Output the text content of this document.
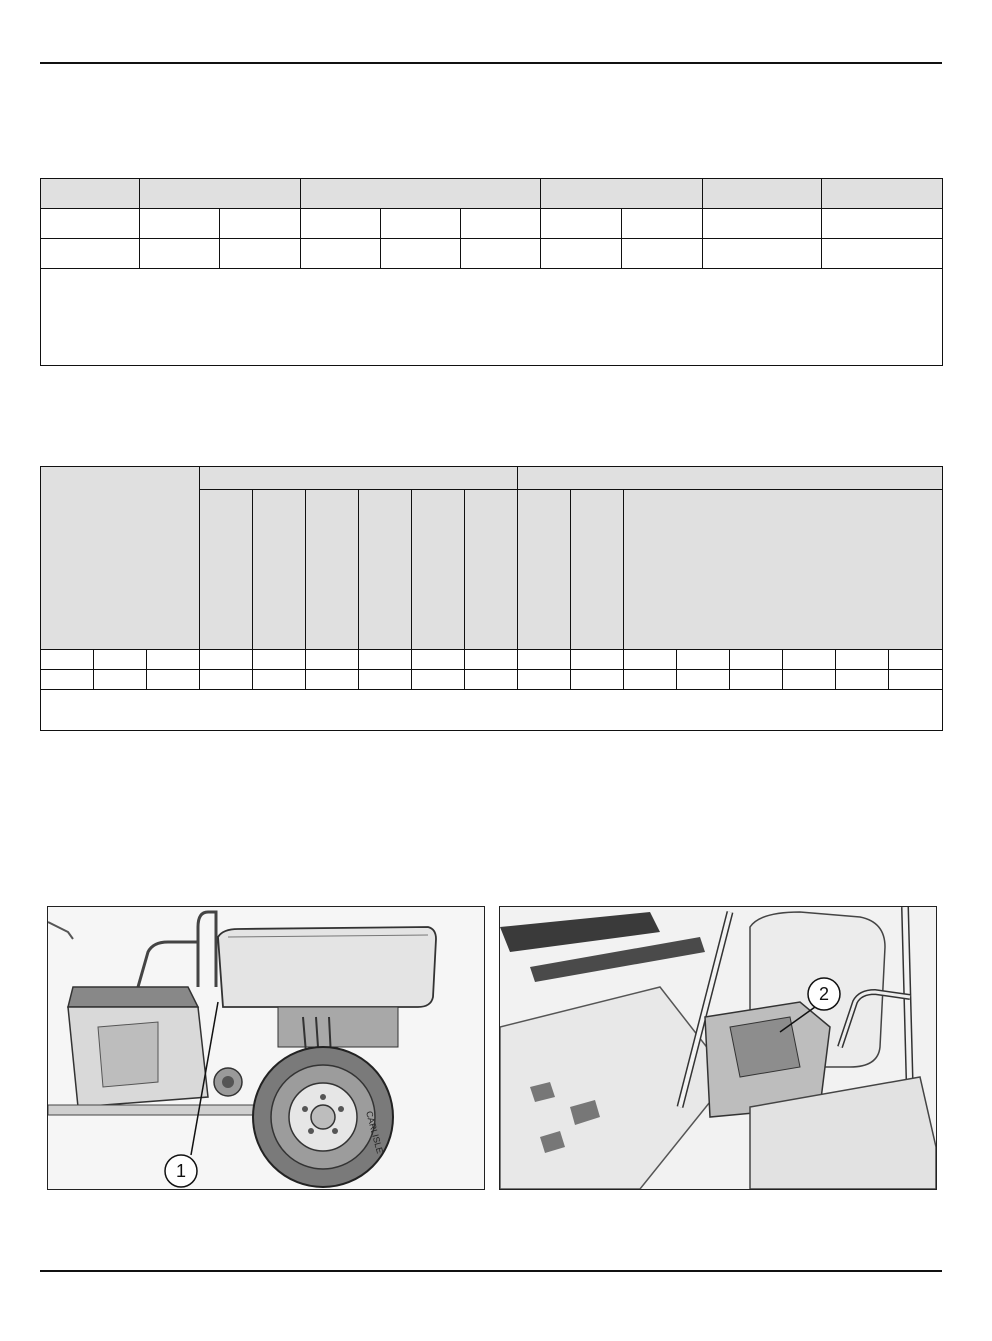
CARLISLE
1
2
